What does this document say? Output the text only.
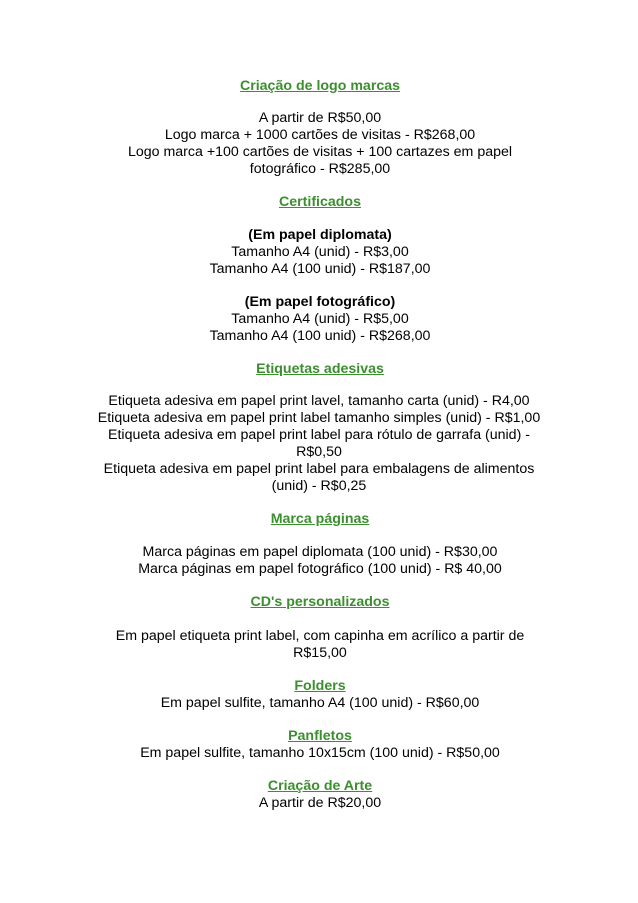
Criação de logo marcas
A partir de R$50,00
Logo marca + 1000 cartões de visitas - R$268,00
Logo marca +100 cartões de visitas + 100 cartazes em papel
fotográfico - R$285,00
Certificados
(Em papel diplomata)
Tamanho A4 (unid) - R$3,00
Tamanho A4 (100 unid) - R$187,00
(Em papel fotográfico)
Tamanho A4 (unid) - R$5,00
Tamanho A4 (100 unid) - R$268,00
Etiquetas adesivas
Etiqueta adesiva em papel print lavel, tamanho carta (unid) - R4,00
Etiqueta adesiva em papel print label tamanho simples (unid) - R$1,00
Etiqueta adesiva em papel print label para rótulo de garrafa (unid) -
R$0,50
Etiqueta adesiva em papel print label para embalagens de alimentos
(unid) - R$0,25
Marca páginas
Marca páginas em papel diplomata (100 unid) - R$30,00
Marca páginas em papel fotográfico (100 unid) - R$ 40,00
CD's personalizados
Em papel etiqueta print label, com capinha em acrílico a partir de
R$15,00
Folders
Em papel sulfite, tamanho A4 (100 unid) - R$60,00
Panfletos
Em papel sulfite, tamanho 10x15cm (100 unid) - R$50,00
Criação de Arte
A partir de R$20,00
